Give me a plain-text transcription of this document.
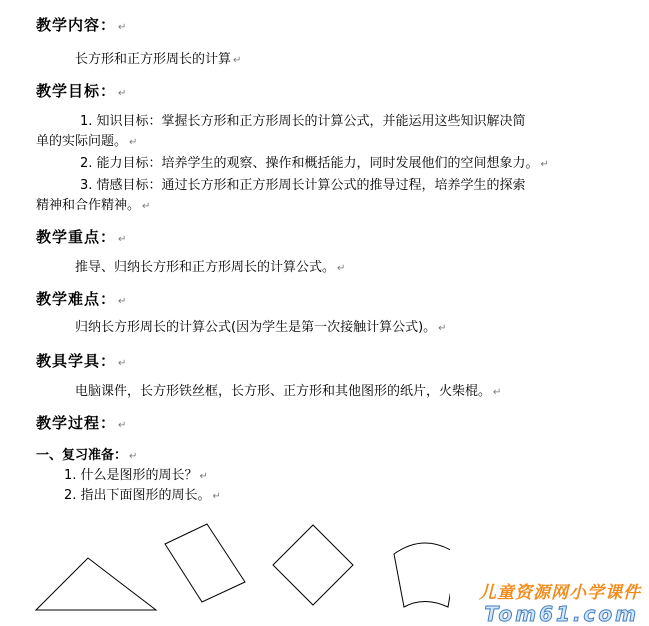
教学内容： ↵
长方形和正方形周长的计算 ↵
教学目标： ↵
1. 知识目标：掌握长方形和正方形周长的计算公式，并能运用这些知识解决简
单的实际问题。 ↵
2. 能力目标：培养学生的观察、操作和概括能力，同时发展他们的空间想象力。 ↵
3. 情感目标：通过长方形和正方形周长计算公式的推导过程，培养学生的探索
精神和合作精神。 ↵
教学重点： ↵
推导、归纳长方形和正方形周长的计算公式。 ↵
教学难点： ↵
归纳长方形周长的计算公式(因为学生是第一次接触计算公式)。 ↵
教具学具： ↵
电脑课件，长方形铁丝框，长方形、正方形和其他图形的纸片，火柴棍。 ↵
教学过程： ↵
一、复习准备： ↵
1. 什么是图形的周长？ ↵
2. 指出下面图形的周长。 ↵
儿童资源网小学课件
Tom61.com
